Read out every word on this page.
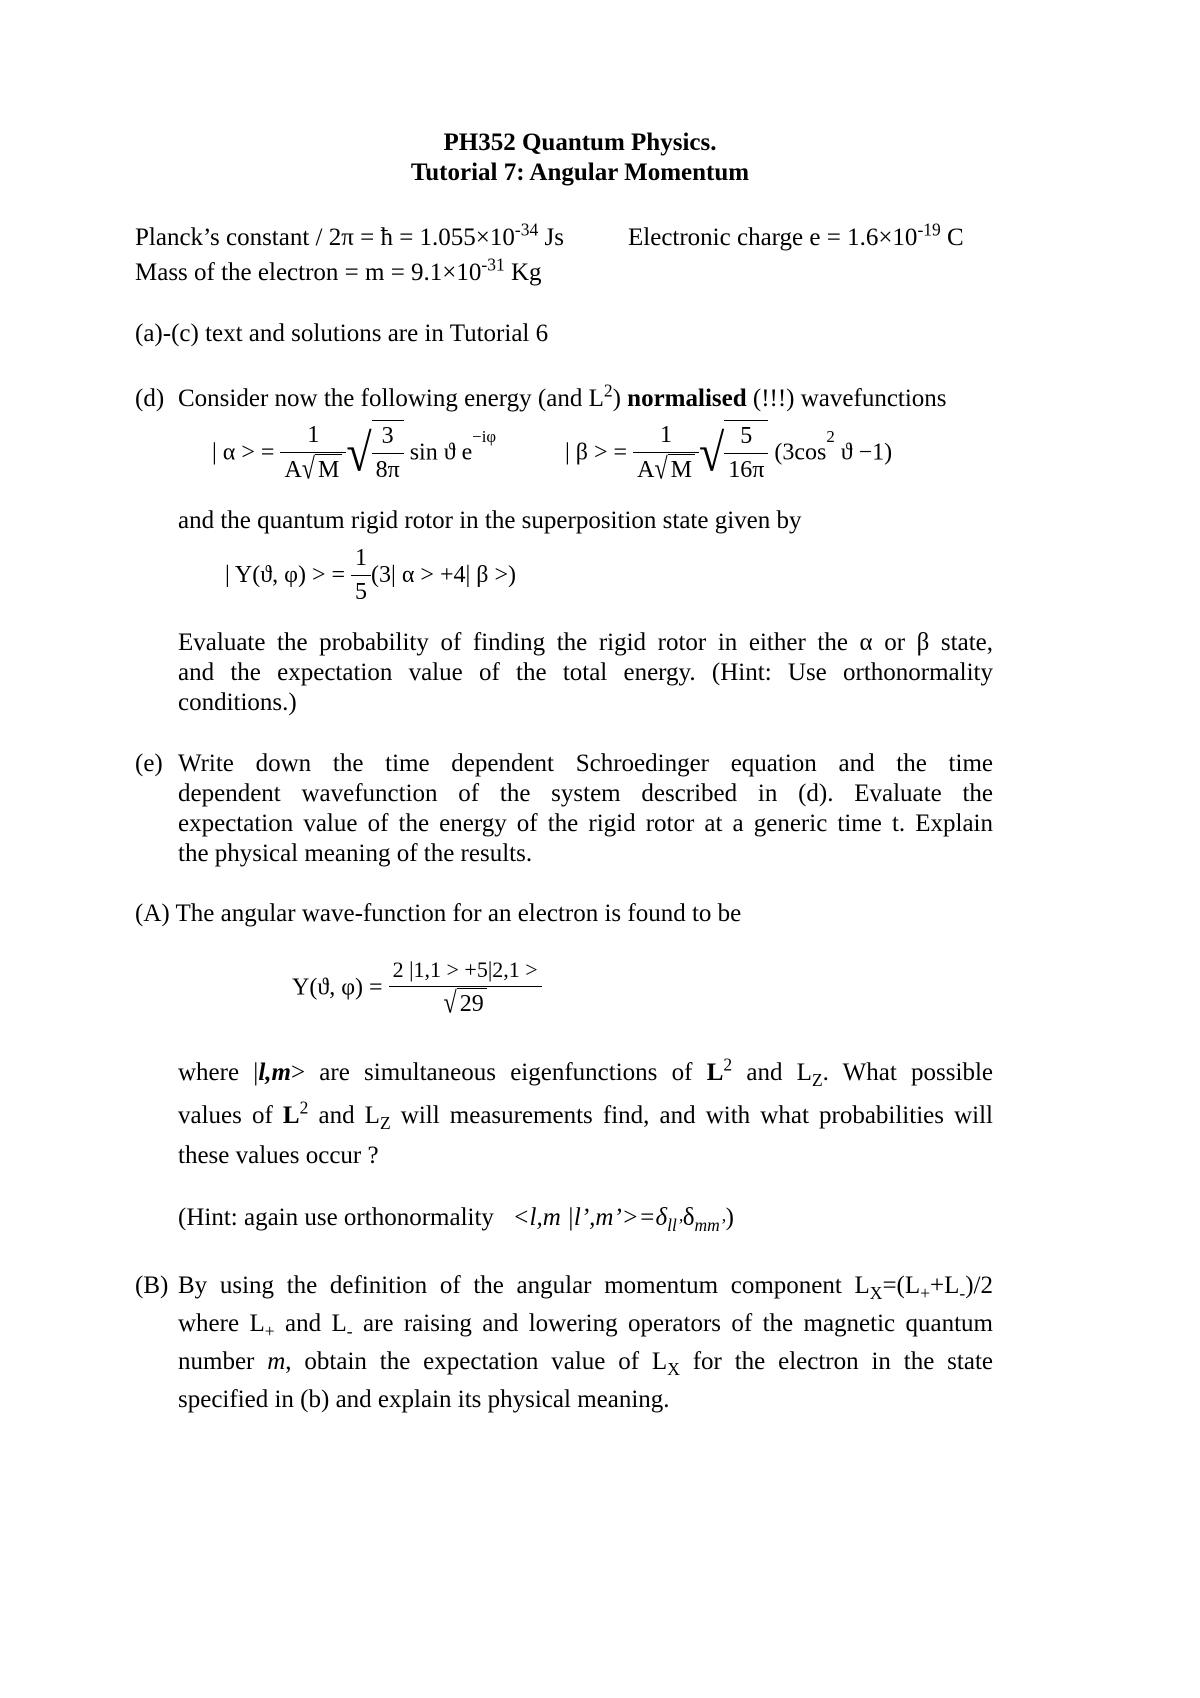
PH352 Quantum Physics.
Tutorial 7: Angular Momentum
Planck’s constant / 2π = ħ = $1.055\times 10^{-34}$ Js	Electronic charge $e = 1.6\times 10^{-19}$ C
Mass of the electron = $m = 9.1\times 10^{-31}$ Kg
(a)-(c) text and solutions are in Tutorial 6
(d) Consider now the following energy (and $L^2$) normalised (!!!) wavefunctions
| α > = $\frac{1}{A√ M}$ √ $\frac{3}{8\pi}$ sin ϑ $e^{-i\varphi}$
| β > = $\frac{1}{A√ M}$ √ $\frac{5}{16\pi} (3\cos^2$ ϑ −1)
and the quantum rigid rotor in the superposition state given by
| Y(ϑ, φ) > = $\frac{1}{5} (3|$ α > +4| β >)
Evaluate the probability of finding the rigid rotor in either the α or β state,
and the expectation value of the total energy. (Hint: Use orthonormality
conditions.)
(e) Write down the time dependent Schroedinger equation and the time
dependent wavefunction of the system described in (d). Evaluate the
expectation value of the energy of the rigid rotor at a generic time t. Explain
the physical meaning of the results.
(A) The angular wave-function for an electron is found to be
Y(ϑ, $\varphi) = \frac{2 |1,1 > +5|2,1 >}{√ 29}$
where |l,m> are simultaneous eigenfunctions of $L^2$ and $L_Z$. What possible
values of $L^2$ and $L_Z$ will measurements find, and with what probabilities will
these values occur ?
(Hint: again use orthonormality   <l,m $|l’,m’>=\delta_{ll’}\delta_{mm’}$)
(B) By using the definition of the angular momentum component $L_X=(L_++L_-)/2$
where $L_+$ and $L_-$ are raising and lowering operators of the magnetic quantum
number m, obtain the expectation value of $L_X$ for the electron in the state
specified in (b) and explain its physical meaning.
